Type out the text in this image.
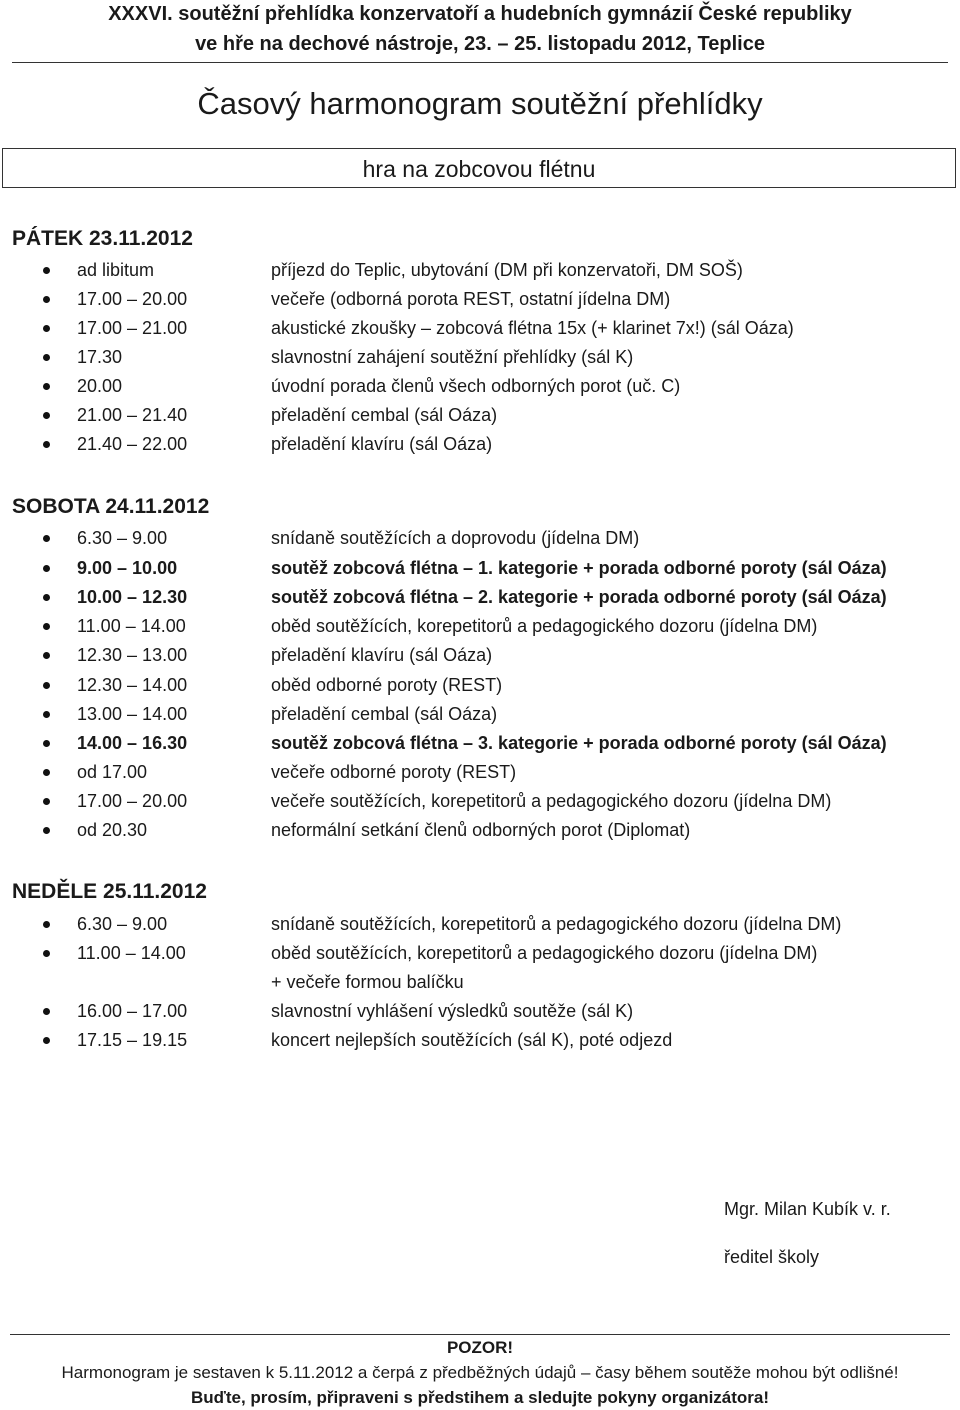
XXXVI. soutěžní přehlídka konzervatoří a hudebních gymnázií České republiky
ve hře na dechové nástroje, 23. – 25. listopadu 2012, Teplice
Časový harmonogram soutěžní přehlídky
hra na zobcovou flétnu
PÁTEK 23.11.2012
ad libitum	příjezd do Teplic, ubytování (DM při konzervatoři, DM SOŠ)
17.00 – 20.00	večeře (odborná porota REST, ostatní jídelna DM)
17.00 – 21.00	akustické zkoušky – zobcová flétna 15x (+ klarinet 7x!) (sál Oáza)
17.30	slavnostní zahájení soutěžní přehlídky (sál K)
20.00	úvodní porada členů všech odborných porot (uč. C)
21.00 – 21.40	přeladění cembal (sál Oáza)
21.40 – 22.00	přeladění klavíru (sál Oáza)
SOBOTA 24.11.2012
6.30 – 9.00	snídaně soutěžících a doprovodu (jídelna DM)
9.00 – 10.00	soutěž zobcová flétna – 1. kategorie + porada odborné poroty (sál Oáza)
10.00 – 12.30	soutěž zobcová flétna – 2. kategorie + porada odborné poroty (sál Oáza)
11.00 – 14.00	oběd soutěžících, korepetitorů a pedagogického dozoru (jídelna DM)
12.30 – 13.00	přeladění klavíru (sál Oáza)
12.30 – 14.00	oběd odborné poroty (REST)
13.00 – 14.00	přeladění cembal (sál Oáza)
14.00 – 16.30	soutěž zobcová flétna – 3. kategorie + porada odborné poroty (sál Oáza)
od 17.00	večeře odborné poroty (REST)
17.00 – 20.00	večeře soutěžících, korepetitorů a pedagogického dozoru (jídelna DM)
od 20.30	neformální setkání členů odborných porot (Diplomat)
NEDĚLE 25.11.2012
6.30 – 9.00	snídaně soutěžících, korepetitorů a pedagogického dozoru (jídelna DM)
11.00 – 14.00	oběd soutěžících, korepetitorů a pedagogického dozoru (jídelna DM)
+ večeře formou balíčku
16.00 – 17.00	slavnostní vyhlášení výsledků soutěže (sál K)
17.15 – 19.15	koncert nejlepších soutěžících (sál K), poté odjezd
Mgr. Milan Kubík v. r.
ředitel školy
POZOR!
Harmonogram je sestaven k 5.11.2012 a čerpá z předběžných údajů – časy během soutěže mohou být odlišné!
Buďte, prosím, připraveni s předstihem a sledujte pokyny organizátora!
